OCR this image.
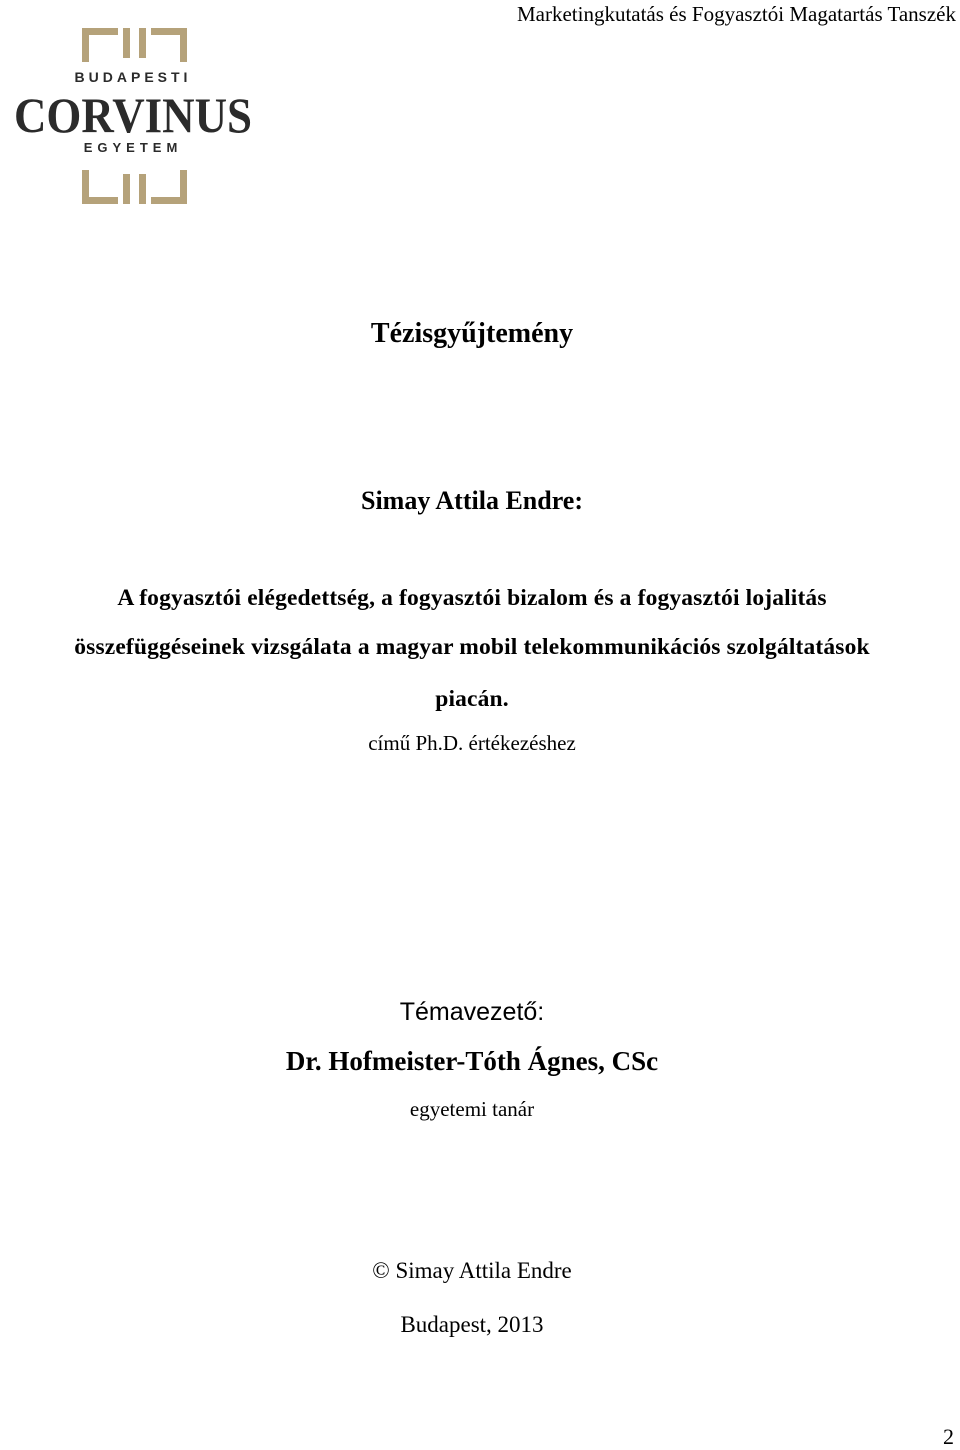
Marketingkutatás és Fogyasztói Magatartás Tanszék
BUDAPESTI
CORVINUS
EGYETEM
Tézisgyűjtemény
Simay Attila Endre:
A fogyasztói elégedettség, a fogyasztói bizalom és a fogyasztói lojalitás
összefüggéseinek vizsgálata a magyar mobil telekommunikációs szolgáltatások
piacán.
című Ph.D. értékezéshez
Témavezető:
Dr. Hofmeister-Tóth Ágnes, CSc
egyetemi tanár
© Simay Attila Endre
Budapest, 2013
2
